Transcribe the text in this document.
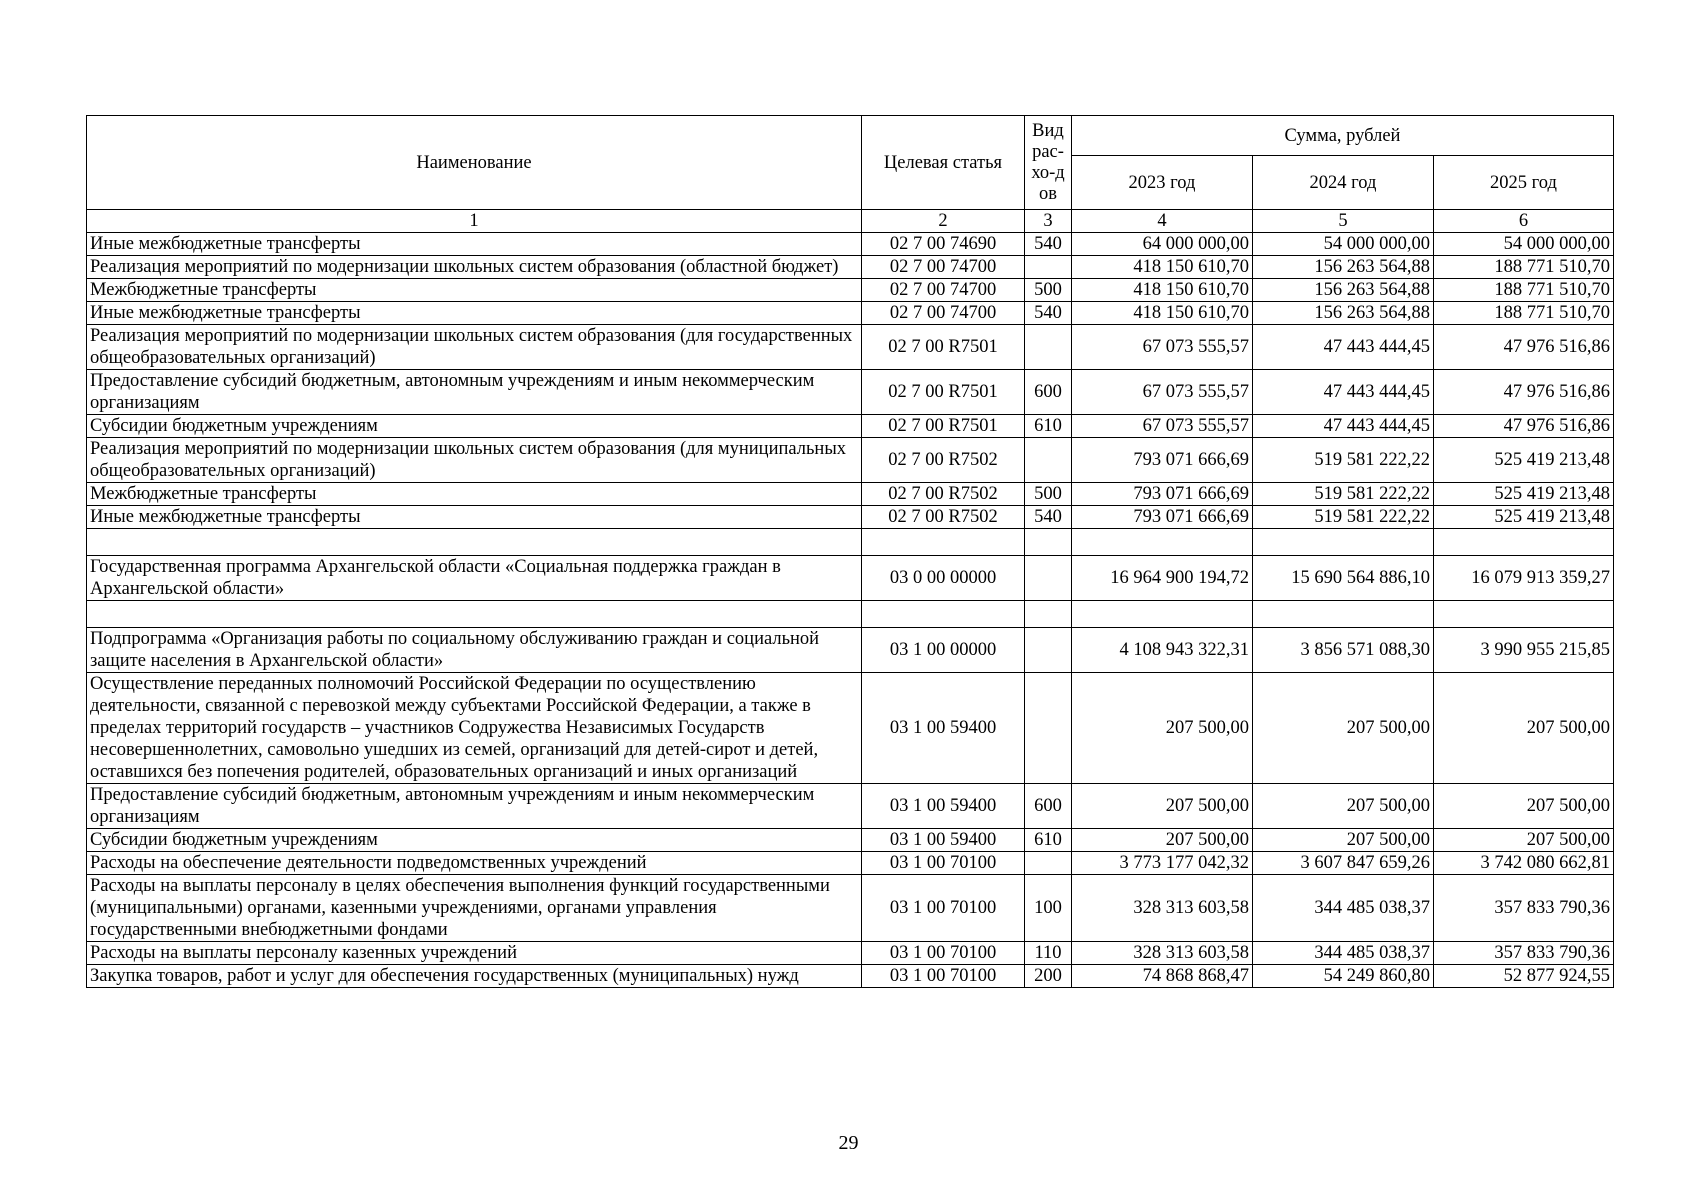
Наименование	Целевая статья	Вид рас-хо-дов	Сумма, рублей		
			2023 год	2024 год	2025 год
1	2	3	4	5	6
Иные межбюджетные трансферты	02 7 00 74690	540	64 000 000,00	54 000 000,00	54 000 000,00
Реализация мероприятий по модернизации школьных систем образования (областной бюджет)	02 7 00 74700		418 150 610,70	156 263 564,88	188 771 510,70
Межбюджетные трансферты	02 7 00 74700	500	418 150 610,70	156 263 564,88	188 771 510,70
Иные межбюджетные трансферты	02 7 00 74700	540	418 150 610,70	156 263 564,88	188 771 510,70
Реализация мероприятий по модернизации школьных систем образования (для государственных общеобразовательных организаций)	02 7 00 R7501		67 073 555,57	47 443 444,45	47 976 516,86
Предоставление субсидий бюджетным, автономным учреждениям и иным некоммерческим организациям	02 7 00 R7501	600	67 073 555,57	47 443 444,45	47 976 516,86
Субсидии бюджетным учреждениям	02 7 00 R7501	610	67 073 555,57	47 443 444,45	47 976 516,86
Реализация мероприятий по модернизации школьных систем образования (для муниципальных общеобразовательных организаций)	02 7 00 R7502		793 071 666,69	519 581 222,22	525 419 213,48
Межбюджетные трансферты	02 7 00 R7502	500	793 071 666,69	519 581 222,22	525 419 213,48
Иные межбюджетные трансферты	02 7 00 R7502	540	793 071 666,69	519 581 222,22	525 419 213,48

Государственная программа Архангельской области «Социальная поддержка граждан в Архангельской области»	03 0 00 00000		16 964 900 194,72	15 690 564 886,10	16 079 913 359,27

Подпрограмма «Организация работы по социальному обслуживанию граждан и социальной защите населения в Архангельской области»	03 1 00 00000		4 108 943 322,31	3 856 571 088,30	3 990 955 215,85
Осуществление переданных полномочий Российской Федерации по осуществлению деятельности, связанной с перевозкой между субъектами Российской Федерации, а также в пределах территорий государств – участников Содружества Независимых Государств несовершеннолетних, самовольно ушедших из семей, организаций для детей-сирот и детей, оставшихся без попечения родителей, образовательных организаций и иных организаций	03 1 00 59400		207 500,00	207 500,00	207 500,00
Предоставление субсидий бюджетным, автономным учреждениям и иным некоммерческим организациям	03 1 00 59400	600	207 500,00	207 500,00	207 500,00
Субсидии бюджетным учреждениям	03 1 00 59400	610	207 500,00	207 500,00	207 500,00
Расходы на обеспечение деятельности подведомственных учреждений	03 1 00 70100		3 773 177 042,32	3 607 847 659,26	3 742 080 662,81
Расходы на выплаты персоналу в целях обеспечения выполнения функций государственными (муниципальными) органами, казенными учреждениями, органами управления государственными внебюджетными фондами	03 1 00 70100	100	328 313 603,58	344 485 038,37	357 833 790,36
Расходы на выплаты персоналу казенных учреждений	03 1 00 70100	110	328 313 603,58	344 485 038,37	357 833 790,36
Закупка товаров, работ и услуг для обеспечения государственных (муниципальных) нужд	03 1 00 70100	200	74 868 868,47	54 249 860,80	52 877 924,55
29
